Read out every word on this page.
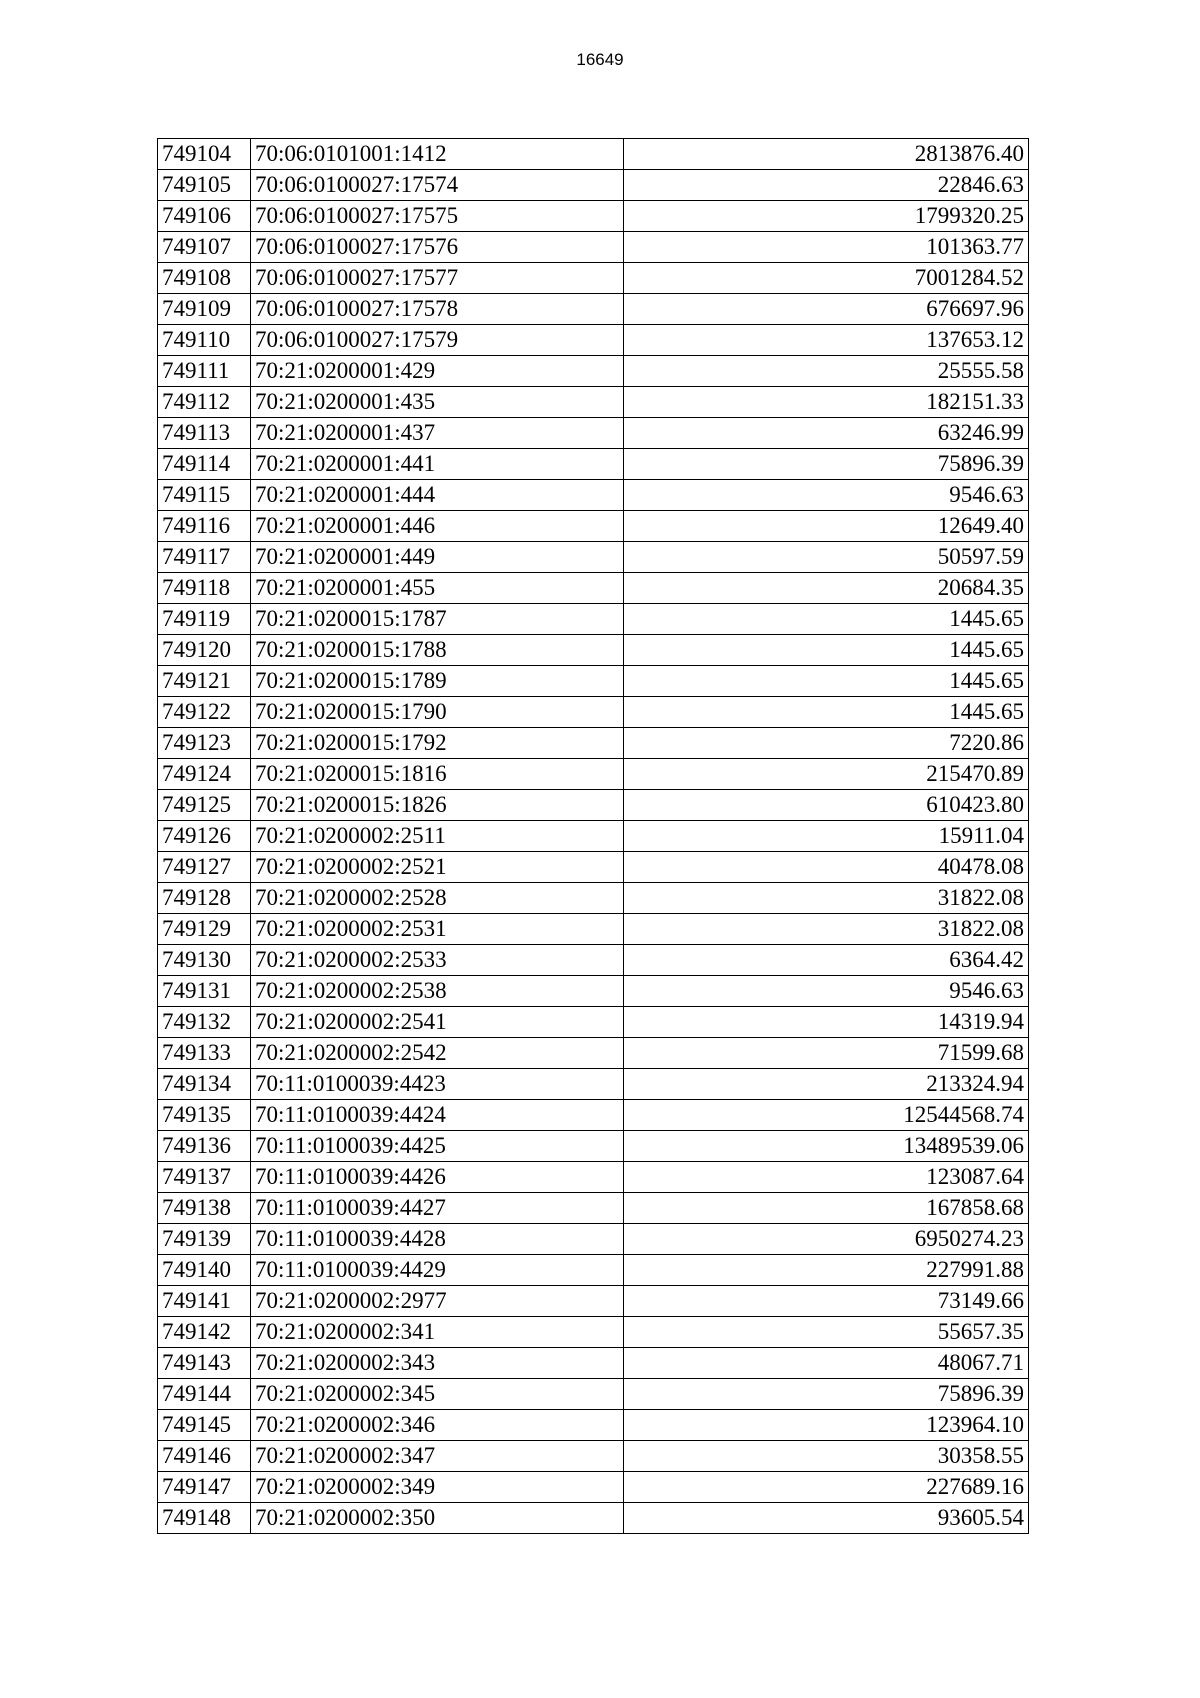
16649
749104	70:06:0101001:1412	2813876.40
749105	70:06:0100027:17574	22846.63
749106	70:06:0100027:17575	1799320.25
749107	70:06:0100027:17576	101363.77
749108	70:06:0100027:17577	7001284.52
749109	70:06:0100027:17578	676697.96
749110	70:06:0100027:17579	137653.12
749111	70:21:0200001:429	25555.58
749112	70:21:0200001:435	182151.33
749113	70:21:0200001:437	63246.99
749114	70:21:0200001:441	75896.39
749115	70:21:0200001:444	9546.63
749116	70:21:0200001:446	12649.40
749117	70:21:0200001:449	50597.59
749118	70:21:0200001:455	20684.35
749119	70:21:0200015:1787	1445.65
749120	70:21:0200015:1788	1445.65
749121	70:21:0200015:1789	1445.65
749122	70:21:0200015:1790	1445.65
749123	70:21:0200015:1792	7220.86
749124	70:21:0200015:1816	215470.89
749125	70:21:0200015:1826	610423.80
749126	70:21:0200002:2511	15911.04
749127	70:21:0200002:2521	40478.08
749128	70:21:0200002:2528	31822.08
749129	70:21:0200002:2531	31822.08
749130	70:21:0200002:2533	6364.42
749131	70:21:0200002:2538	9546.63
749132	70:21:0200002:2541	14319.94
749133	70:21:0200002:2542	71599.68
749134	70:11:0100039:4423	213324.94
749135	70:11:0100039:4424	12544568.74
749136	70:11:0100039:4425	13489539.06
749137	70:11:0100039:4426	123087.64
749138	70:11:0100039:4427	167858.68
749139	70:11:0100039:4428	6950274.23
749140	70:11:0100039:4429	227991.88
749141	70:21:0200002:2977	73149.66
749142	70:21:0200002:341	55657.35
749143	70:21:0200002:343	48067.71
749144	70:21:0200002:345	75896.39
749145	70:21:0200002:346	123964.10
749146	70:21:0200002:347	30358.55
749147	70:21:0200002:349	227689.16
749148	70:21:0200002:350	93605.54
